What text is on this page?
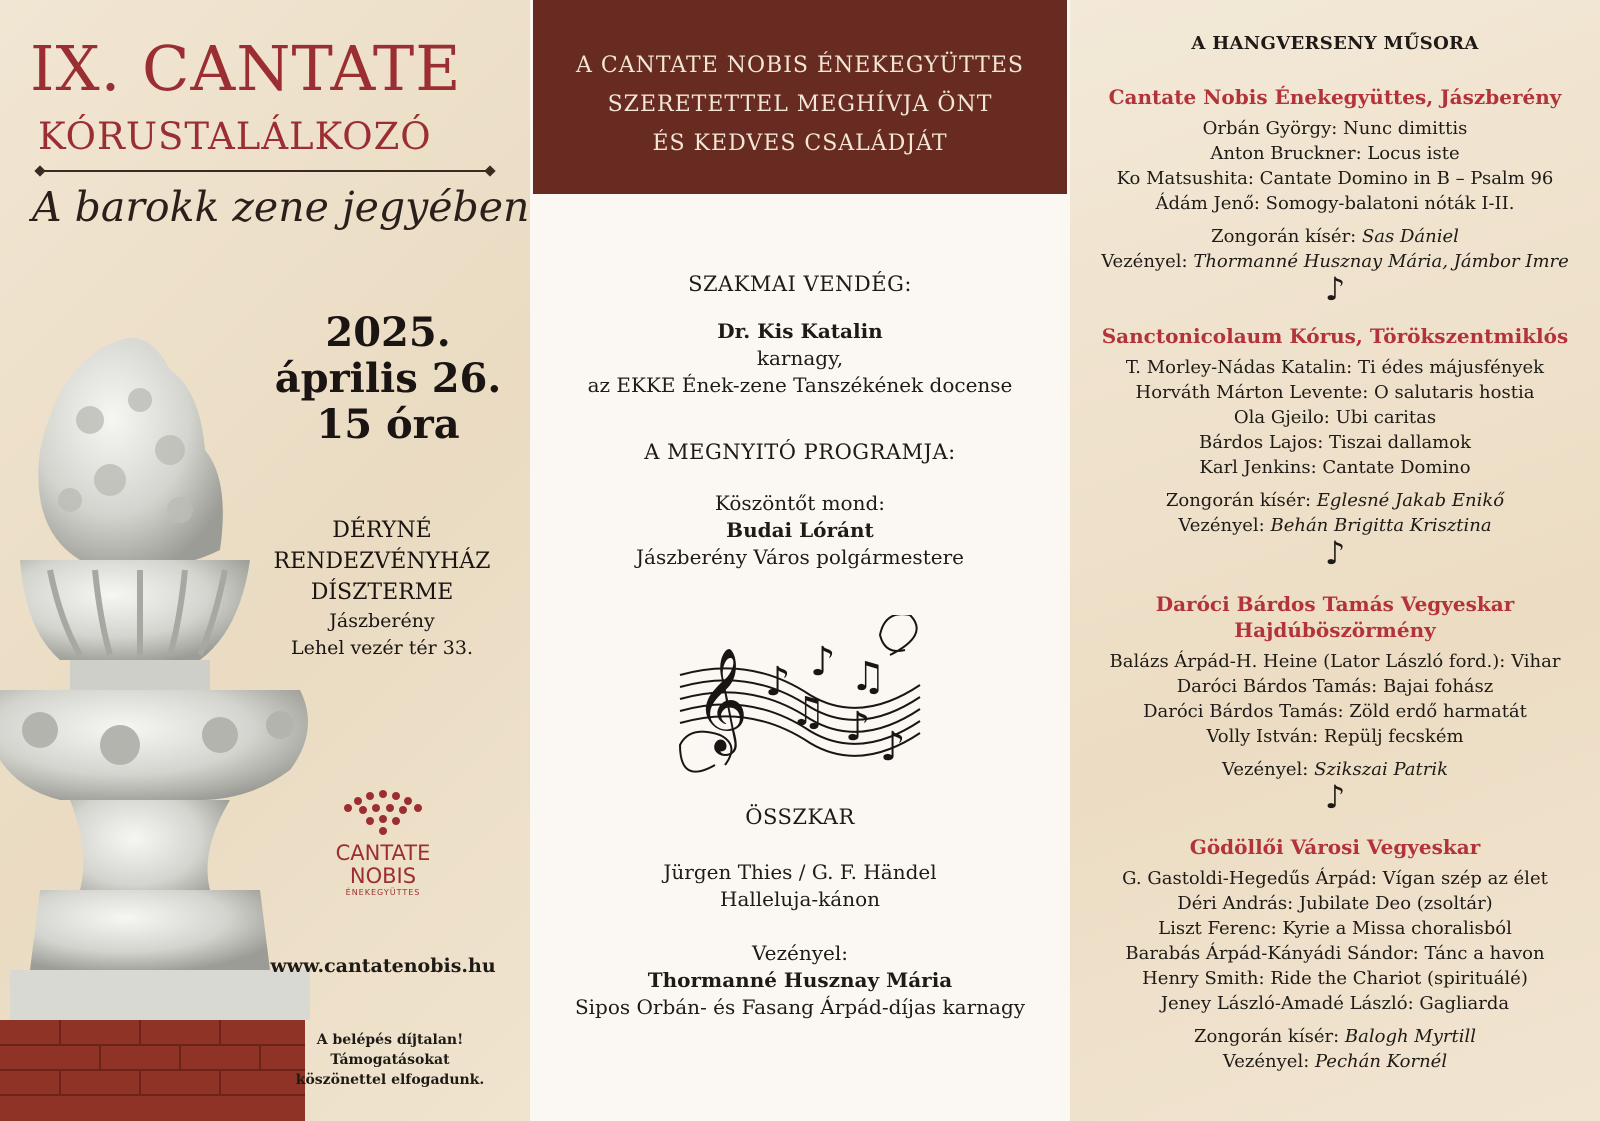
IX. CANTATE
KÓRUSTALÁLKOZÓ
A barokk zene jegyében
2025.
április 26.
15 óra
DÉRYNÉ
RENDEZVÉNYHÁZ
DÍSZTERME
Jászberény
Lehel vezér tér 33.
CANTATE
NOBIS
ÉNEKEGYÜTTES
www.cantatenobis.hu
A belépés díjtalan!
Támogatásokat
köszönettel elfogadunk.
A CANTATE NOBIS ÉNEKEGYÜTTES
SZERETETTEL MEGHÍVJA ÖNT
ÉS KEDVES CSALÁDJÁT
SZAKMAI VENDÉG:
Dr. Kis Katalin
karnagy,
az EKKE Ének-zene Tanszékének docense
A MEGNYITÓ PROGRAMJA:
Köszöntőt mond:
Budai Lóránt
Jászberény Város polgármestere
𝄞 ♪ ♪
♫
♫
♪ ♪
ÖSSZKAR
Jürgen Thies / G. F. Händel
Halleluja-kánon
Vezényel:
Thormanné Husznay Mária
Sipos Orbán- és Fasang Árpád-díjas karnagy
A HANGVERSENY MŰSORA
Cantate Nobis Énekegyüttes, Jászberény
Orbán György: Nunc dimittis
Anton Bruckner: Locus iste
Ko Matsushita: Cantate Domino in B – Psalm 96
Ádám Jenő: Somogy-balatoni nóták I-II.
Zongorán kísér: Sas Dániel
Vezényel: Thormanné Husznay Mária, Jámbor Imre
♪
Sanctonicolaum Kórus, Törökszentmiklós
T. Morley-Nádas Katalin: Ti édes májusfények
Horváth Márton Levente: O salutaris hostia
Ola Gjeilo: Ubi caritas
Bárdos Lajos: Tiszai dallamok
Karl Jenkins: Cantate Domino
Zongorán kísér: Eglesné Jakab Enikő
Vezényel: Behán Brigitta Krisztina
♪
Daróci Bárdos Tamás Vegyeskar
Hajdúböszörmény
Balázs Árpád-H. Heine (Lator László ford.): Vihar
Daróci Bárdos Tamás: Bajai fohász
Daróci Bárdos Tamás: Zöld erdő harmatát
Volly István: Repülj fecském
Vezényel: Szikszai Patrik
♪
Gödöllői Városi Vegyeskar
G. Gastoldi-Hegedűs Árpád: Vígan szép az élet
Déri András: Jubilate Deo (zsoltár)
Liszt Ferenc: Kyrie a Missa choralisból
Barabás Árpád-Kányádi Sándor: Tánc a havon
Henry Smith: Ride the Chariot (spirituálé)
Jeney László-Amadé László: Gagliarda
Zongorán kísér: Balogh Myrtill
Vezényel: Pechán Kornél
